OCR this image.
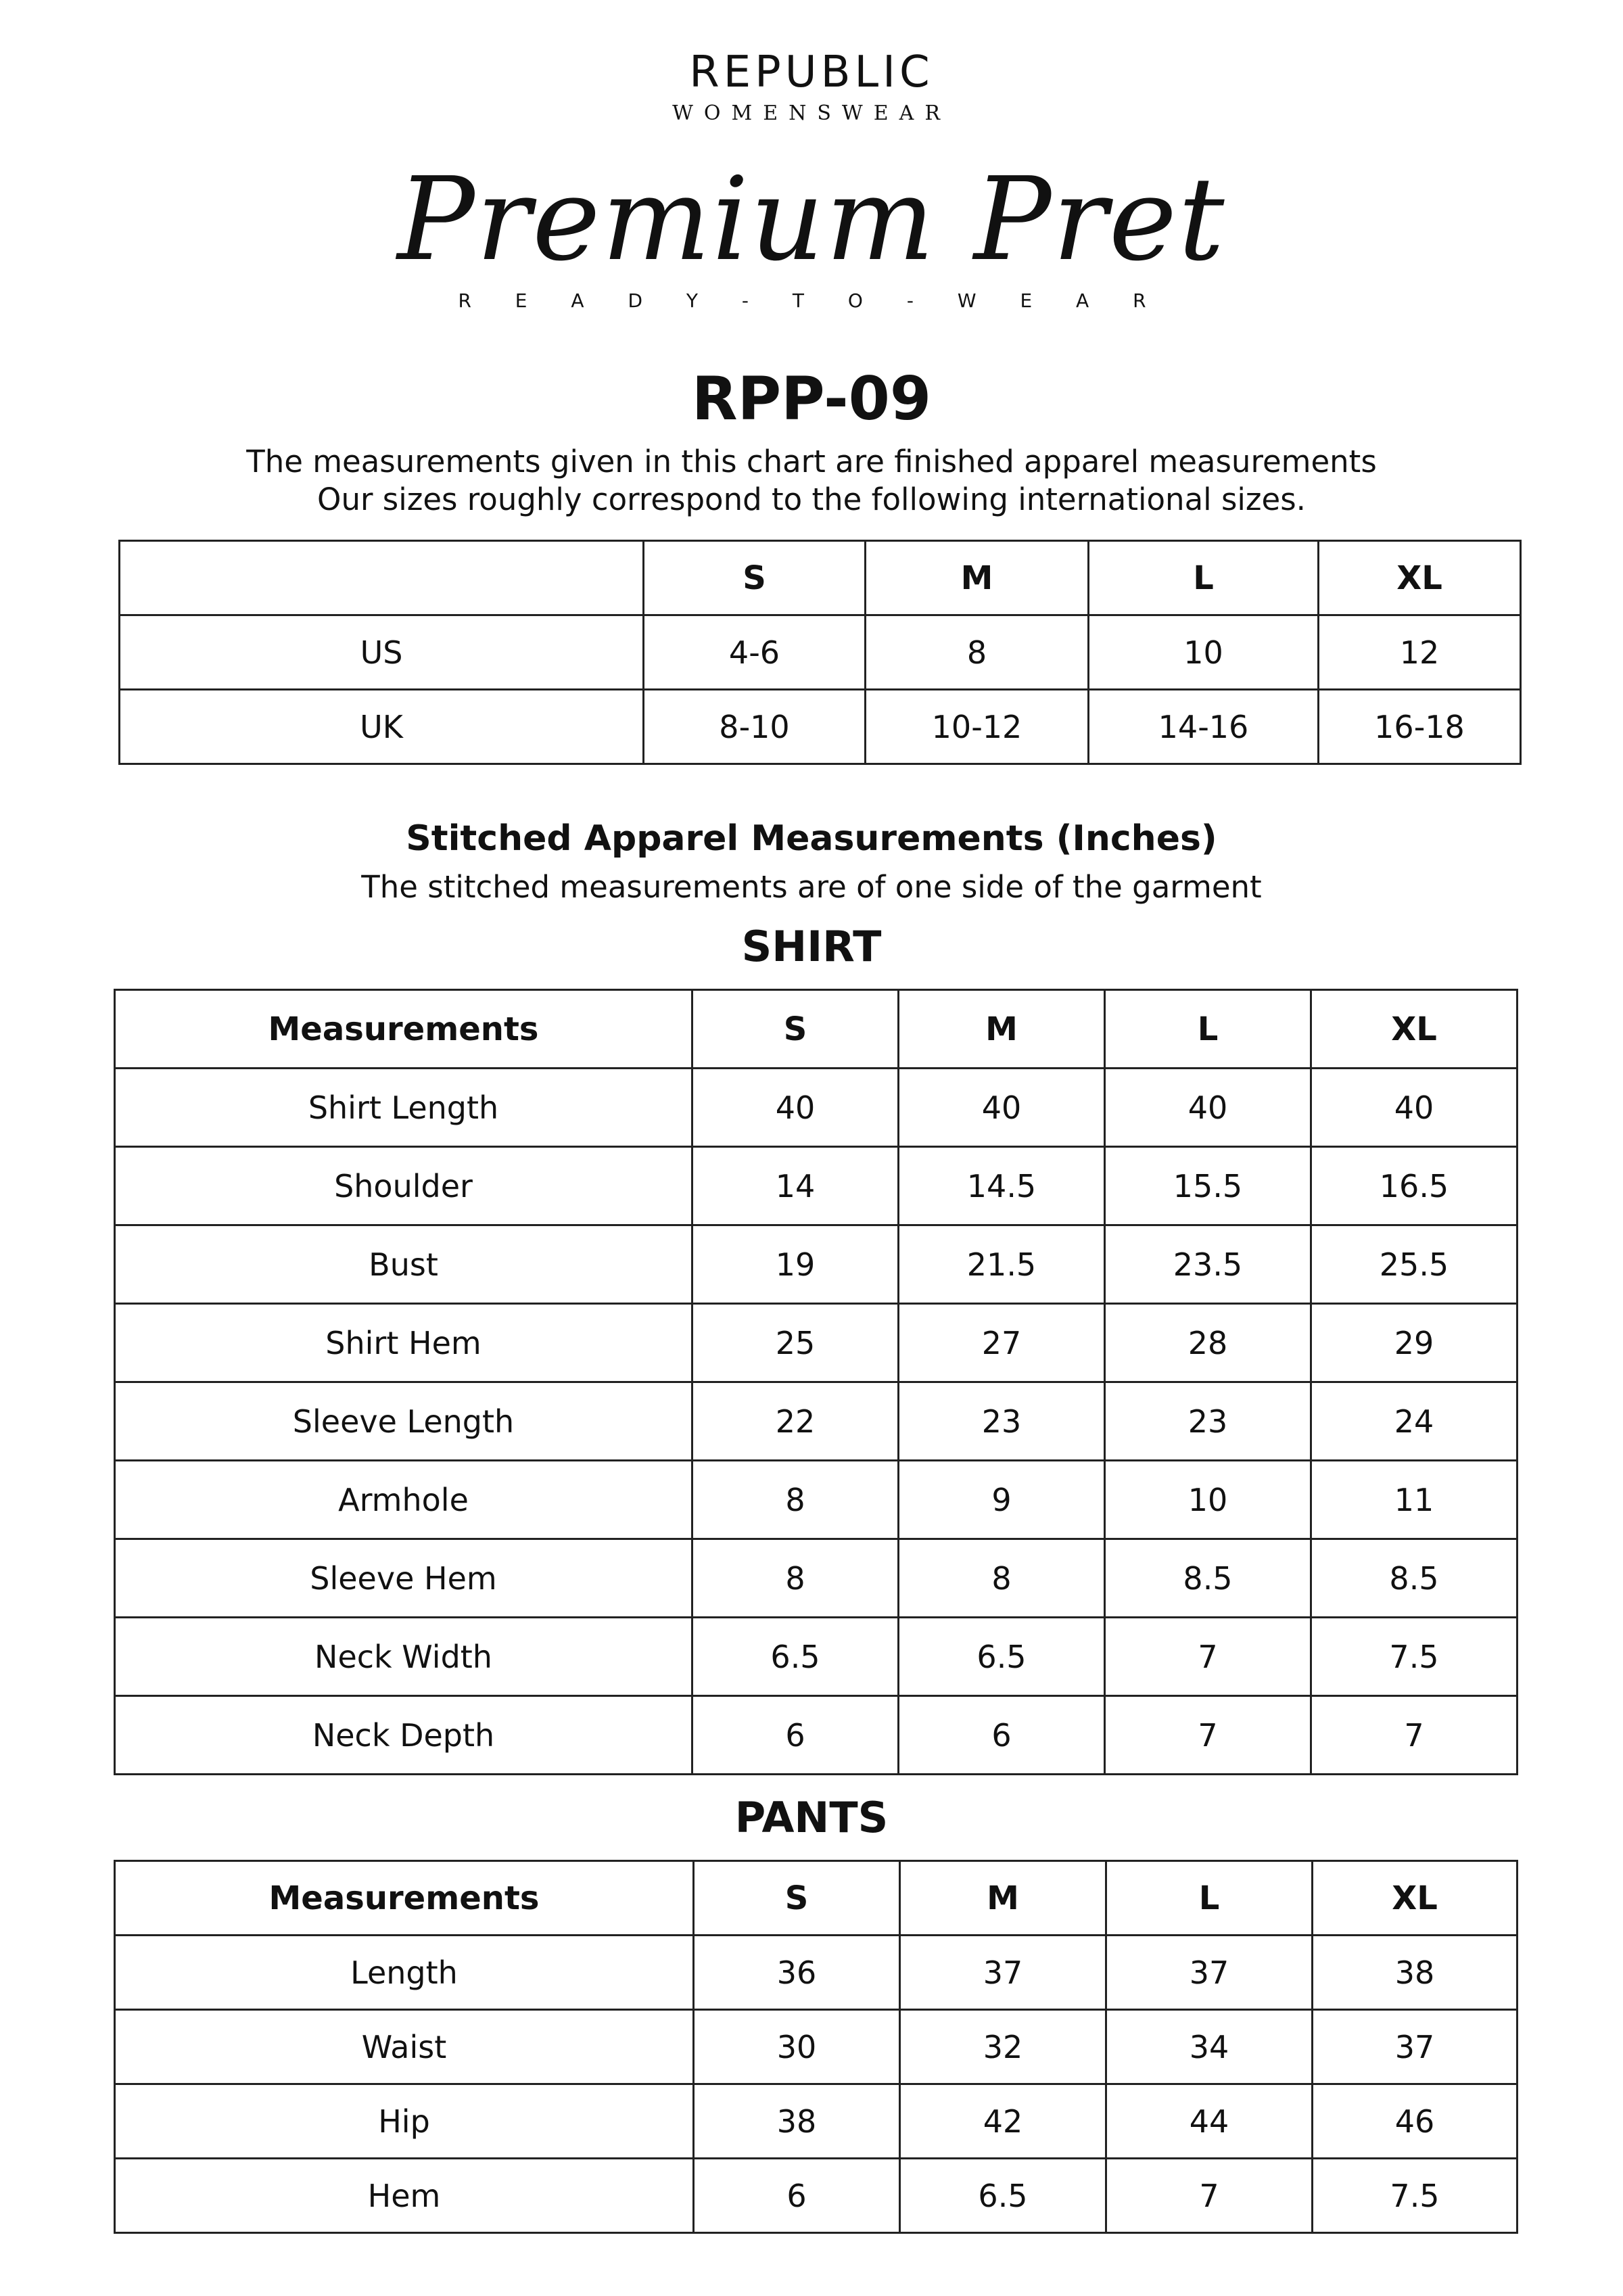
REPUBLIC
WOMENSWEAR
Premium Pret
R E A D Y - T O - W E A R
RPP-09
The measurements given in this chart are finished apparel measurements
Our sizes roughly correspond to the following international sizes.
	S	M	L	XL
US	4-6	8	10	12
UK	8-10	10-12	14-16	16-18
Stitched Apparel Measurements (Inches)
The stitched measurements are of one side of the garment
SHIRT
Measurements	S	M	L	XL
Shirt Length	40	40	40	40
Shoulder	14	14.5	15.5	16.5
Bust	19	21.5	23.5	25.5
Shirt Hem	25	27	28	29
Sleeve Length	22	23	23	24
Armhole	8	9	10	11
Sleeve Hem	8	8	8.5	8.5
Neck Width	6.5	6.5	7	7.5
Neck Depth	6	6	7	7
PANTS
Measurements	S	M	L	XL
Length	36	37	37	38
Waist	30	32	34	37
Hip	38	42	44	46
Hem	6	6.5	7	7.5
